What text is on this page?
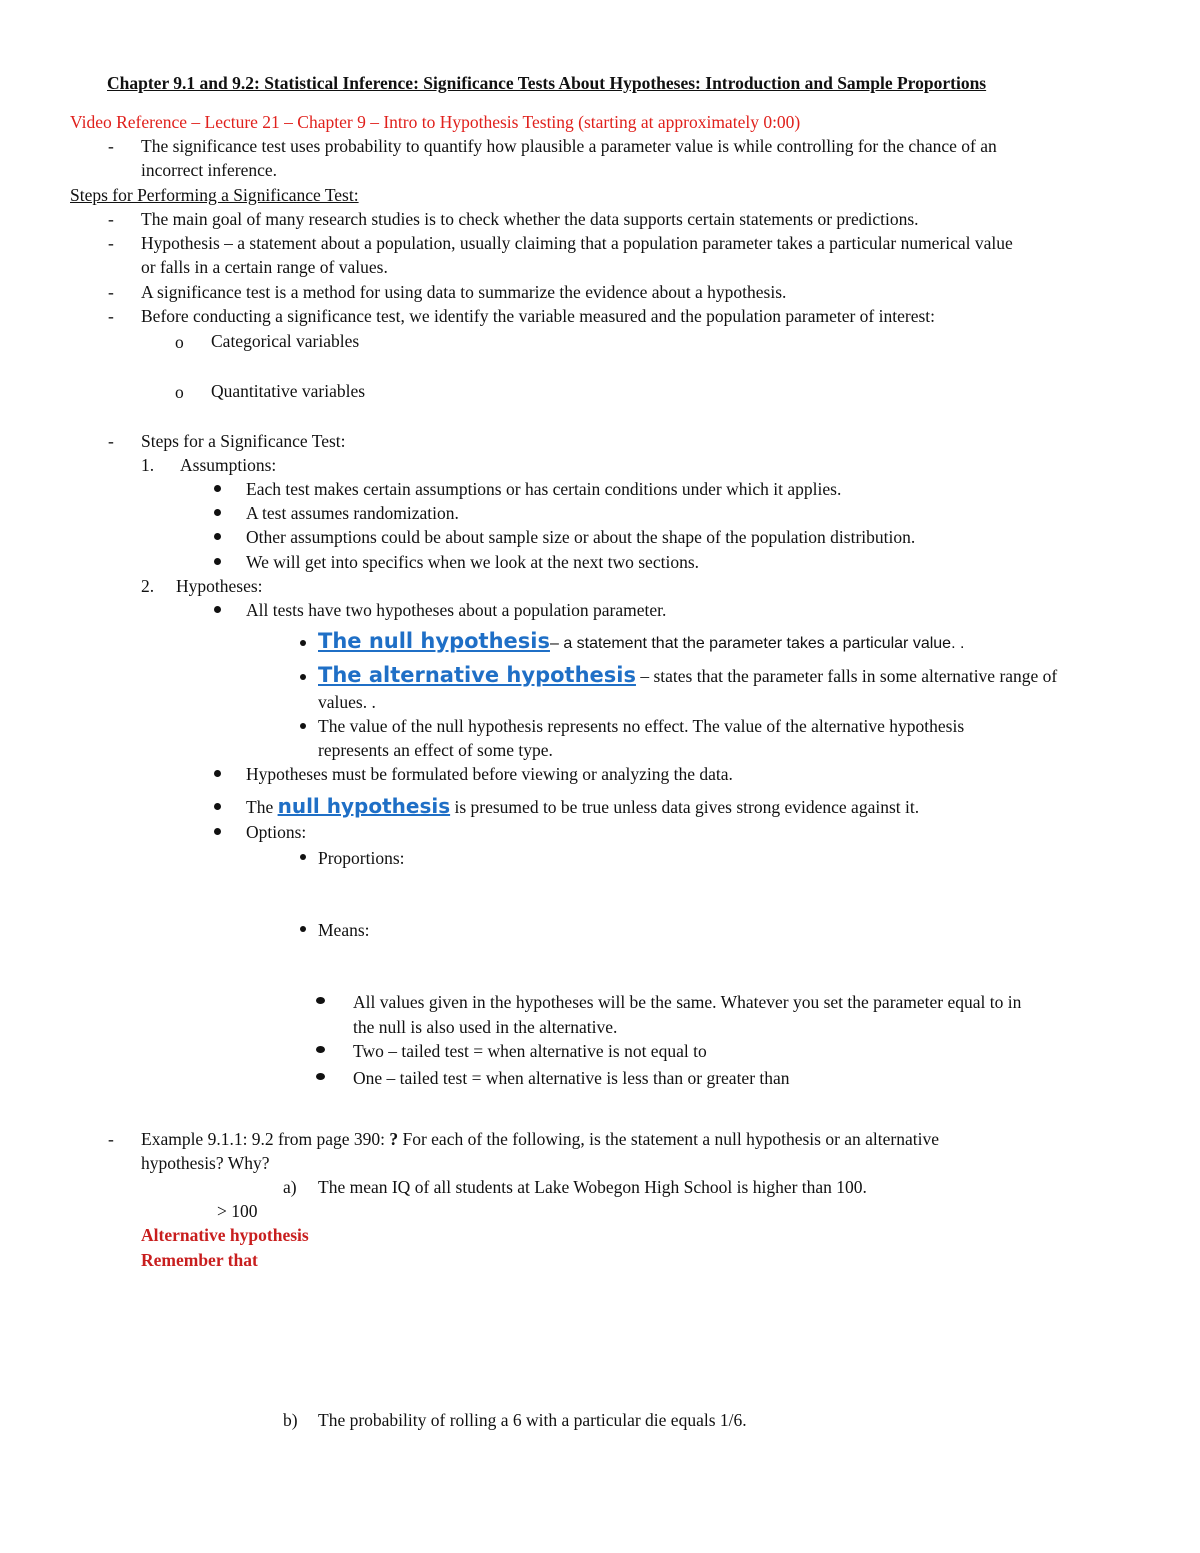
Chapter 9.1 and 9.2: Statistical Inference: Significance Tests About Hypotheses: Introduction and Sample Proportions
Video Reference – Lecture 21 – Chapter 9 – Intro to Hypothesis Testing (starting at approximately 0:00)
- The significance test uses probability to quantify how plausible a parameter value is while controlling for the chance of an
incorrect inference.
Steps for Performing a Significance Test:
- The main goal of many research studies is to check whether the data supports certain statements or predictions.
- Hypothesis – a statement about a population, usually claiming that a population parameter takes a particular numerical value
or falls in a certain range of values.
- A significance test is a method for using data to summarize the evidence about a hypothesis.
- Before conducting a significance test, we identify the variable measured and the population parameter of interest:
o Categorical variables
o Quantitative variables
- Steps for a Significance Test:
1. Assumptions:
Each test makes certain assumptions or has certain conditions under which it applies.
A test assumes randomization.
Other assumptions could be about sample size or about the shape of the population distribution.
We will get into specifics when we look at the next two sections.
2. Hypotheses:
All tests have two hypotheses about a population parameter.
The null hypothesis– a statement that the parameter takes a particular value. .
The alternative hypothesis – states that the parameter falls in some alternative range of
values. .
The value of the null hypothesis represents no effect. The value of the alternative hypothesis
represents an effect of some type.
Hypotheses must be formulated before viewing or analyzing the data.
The null hypothesis is presumed to be true unless data gives strong evidence against it.
Options:
Proportions:
Means:
All values given in the hypotheses will be the same. Whatever you set the parameter equal to in
the null is also used in the alternative.
Two – tailed test = when alternative is not equal to
One – tailed test = when alternative is less than or greater than
- Example 9.1.1: 9.2 from page 390: ? For each of the following, is the statement a null hypothesis or an alternative
hypothesis? Why?
a) The mean IQ of all students at Lake Wobegon High School is higher than 100.
> 100
Alternative hypothesis
Remember that
b) The probability of rolling a 6 with a particular die equals 1/6.
